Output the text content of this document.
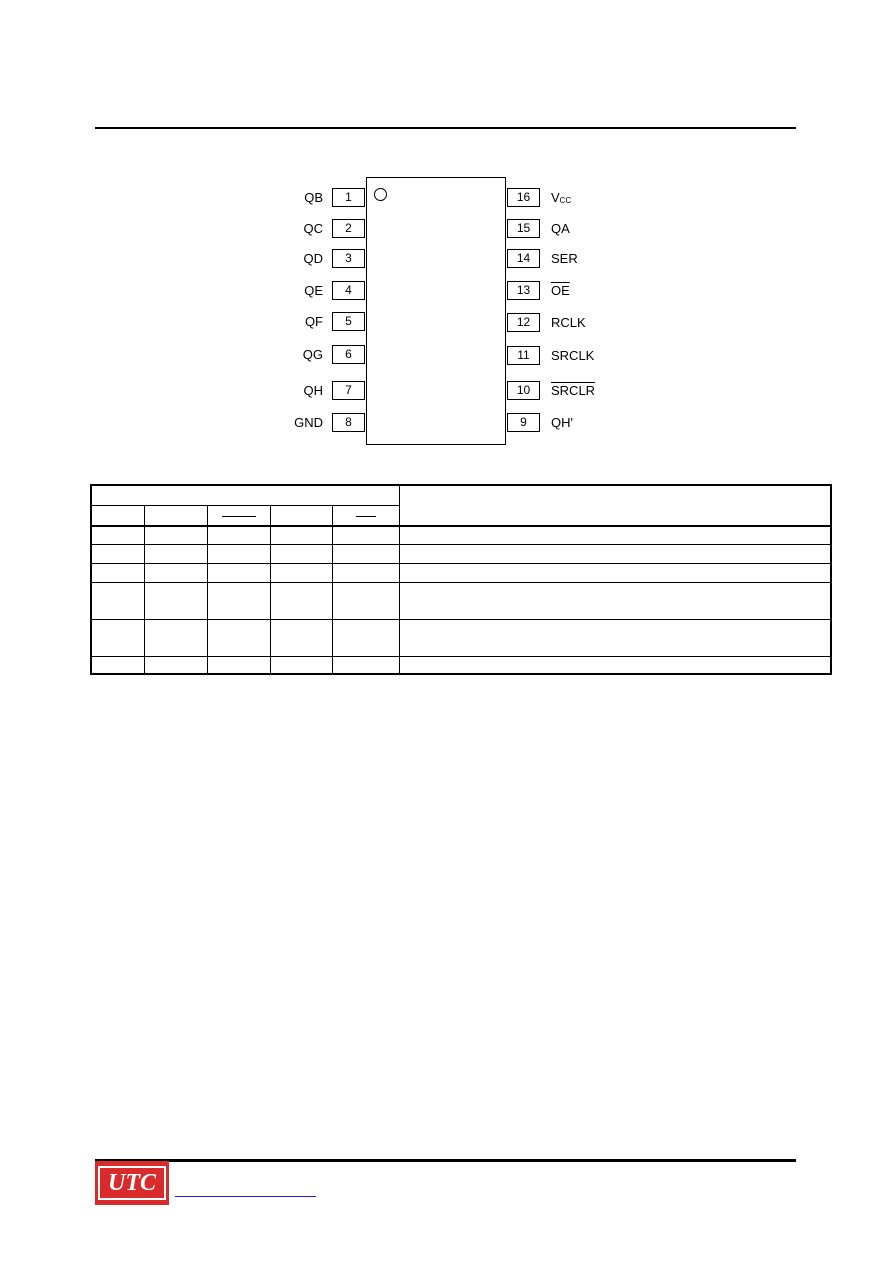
QB	1
QC	2
QD	3
QE	4
QF	5
QG	6
QH	7
GND	8
16	VCC
15	QA
14	SER
13	$\overline{OE}$
12	RCLK
11	SRCLK
10	SRCLR
9	QH'

UTC
